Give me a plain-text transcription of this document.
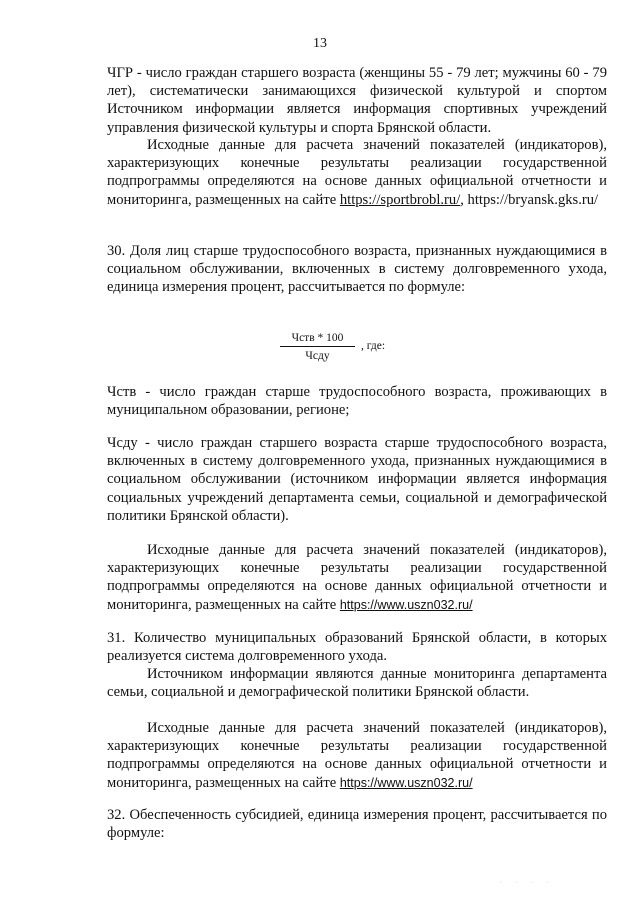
13
ЧГР - число граждан старшего возраста (женщины 55 - 79 лет; мужчины 60 - 79 лет), систематически занимающихся физической культурой и спортом Источником информации является информация спортивных учреждений управления физической культуры и спорта Брянской области.
Исходные данные для расчета значений показателей (индикаторов), характеризующих конечные результаты реализации государственной подпрограммы определяются на основе данных официальной отчетности и мониторинга, размещенных на сайте https://sportbrobl.ru/, https://bryansk.gks.ru/
30. Доля лиц старше трудоспособного возраста, признанных нуждающимися в социальном обслуживании, включенных в систему долговременного ухода, единица измерения процент, рассчитывается по формуле:
$\frac{\text{Чств * 100}}{\text{Чсду}}$ , где:
Чств - число граждан старше трудоспособного возраста, проживающих в муниципальном образовании, регионе;
Чсду - число граждан старшего возраста старше трудоспособного возраста, включенных в систему долговременного ухода, признанных нуждающимися в социальном обслуживании (источником информации является информация социальных учреждений департамента семьи, социальной и демографической политики Брянской области).
Исходные данные для расчета значений показателей (индикаторов), характеризующих конечные результаты реализации государственной подпрограммы определяются на основе данных официальной отчетности и мониторинга, размещенных на сайте https://www.uszn032.ru/
31. Количество муниципальных образований Брянской области, в которых реализуется система долговременного ухода.
Источником информации являются данные мониторинга департамента семьи, социальной и демографической политики Брянской области.
Исходные данные для расчета значений показателей (индикаторов), характеризующих конечные результаты реализации государственной подпрограммы определяются на основе данных официальной отчетности и мониторинга, размещенных на сайте https://www.uszn032.ru/
32. Обеспеченность субсидией, единица измерения процент, рассчитывается по формуле:
· · · ·
